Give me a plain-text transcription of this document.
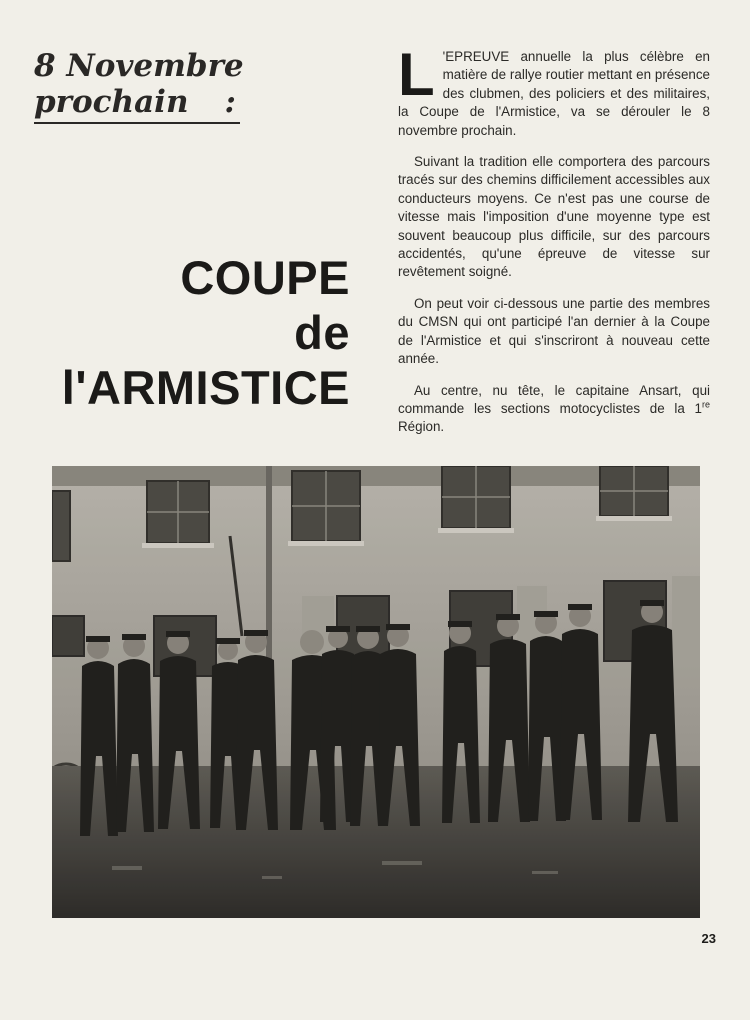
8 Novembre
prochain :
COUPE
de
l'ARMISTICE

L 'EPREUVE annuelle la plus célèbre en matière de rallye routier mettant en présence des clubmen, des policiers et des militaires, la Coupe de l'Armistice, va se dérouler le 8 novembre prochain.

Suivant la tradition elle comportera des parcours tracés sur des chemins difficilement accessibles aux conducteurs moyens. Ce n'est pas une course de vitesse mais l'imposition d'une moyenne type est souvent beaucoup plus difficile, sur des parcours accidentés, qu'une épreuve de vitesse sur revêtement soigné.

On peut voir ci-dessous une partie des membres du CMSN qui ont participé l'an dernier à la Coupe de l'Armistice et qui s'inscriront à nouveau cette année.

Au centre, nu tête, le capitaine Ansart, qui commande les sections motocyclistes de la 1re Région.

23
